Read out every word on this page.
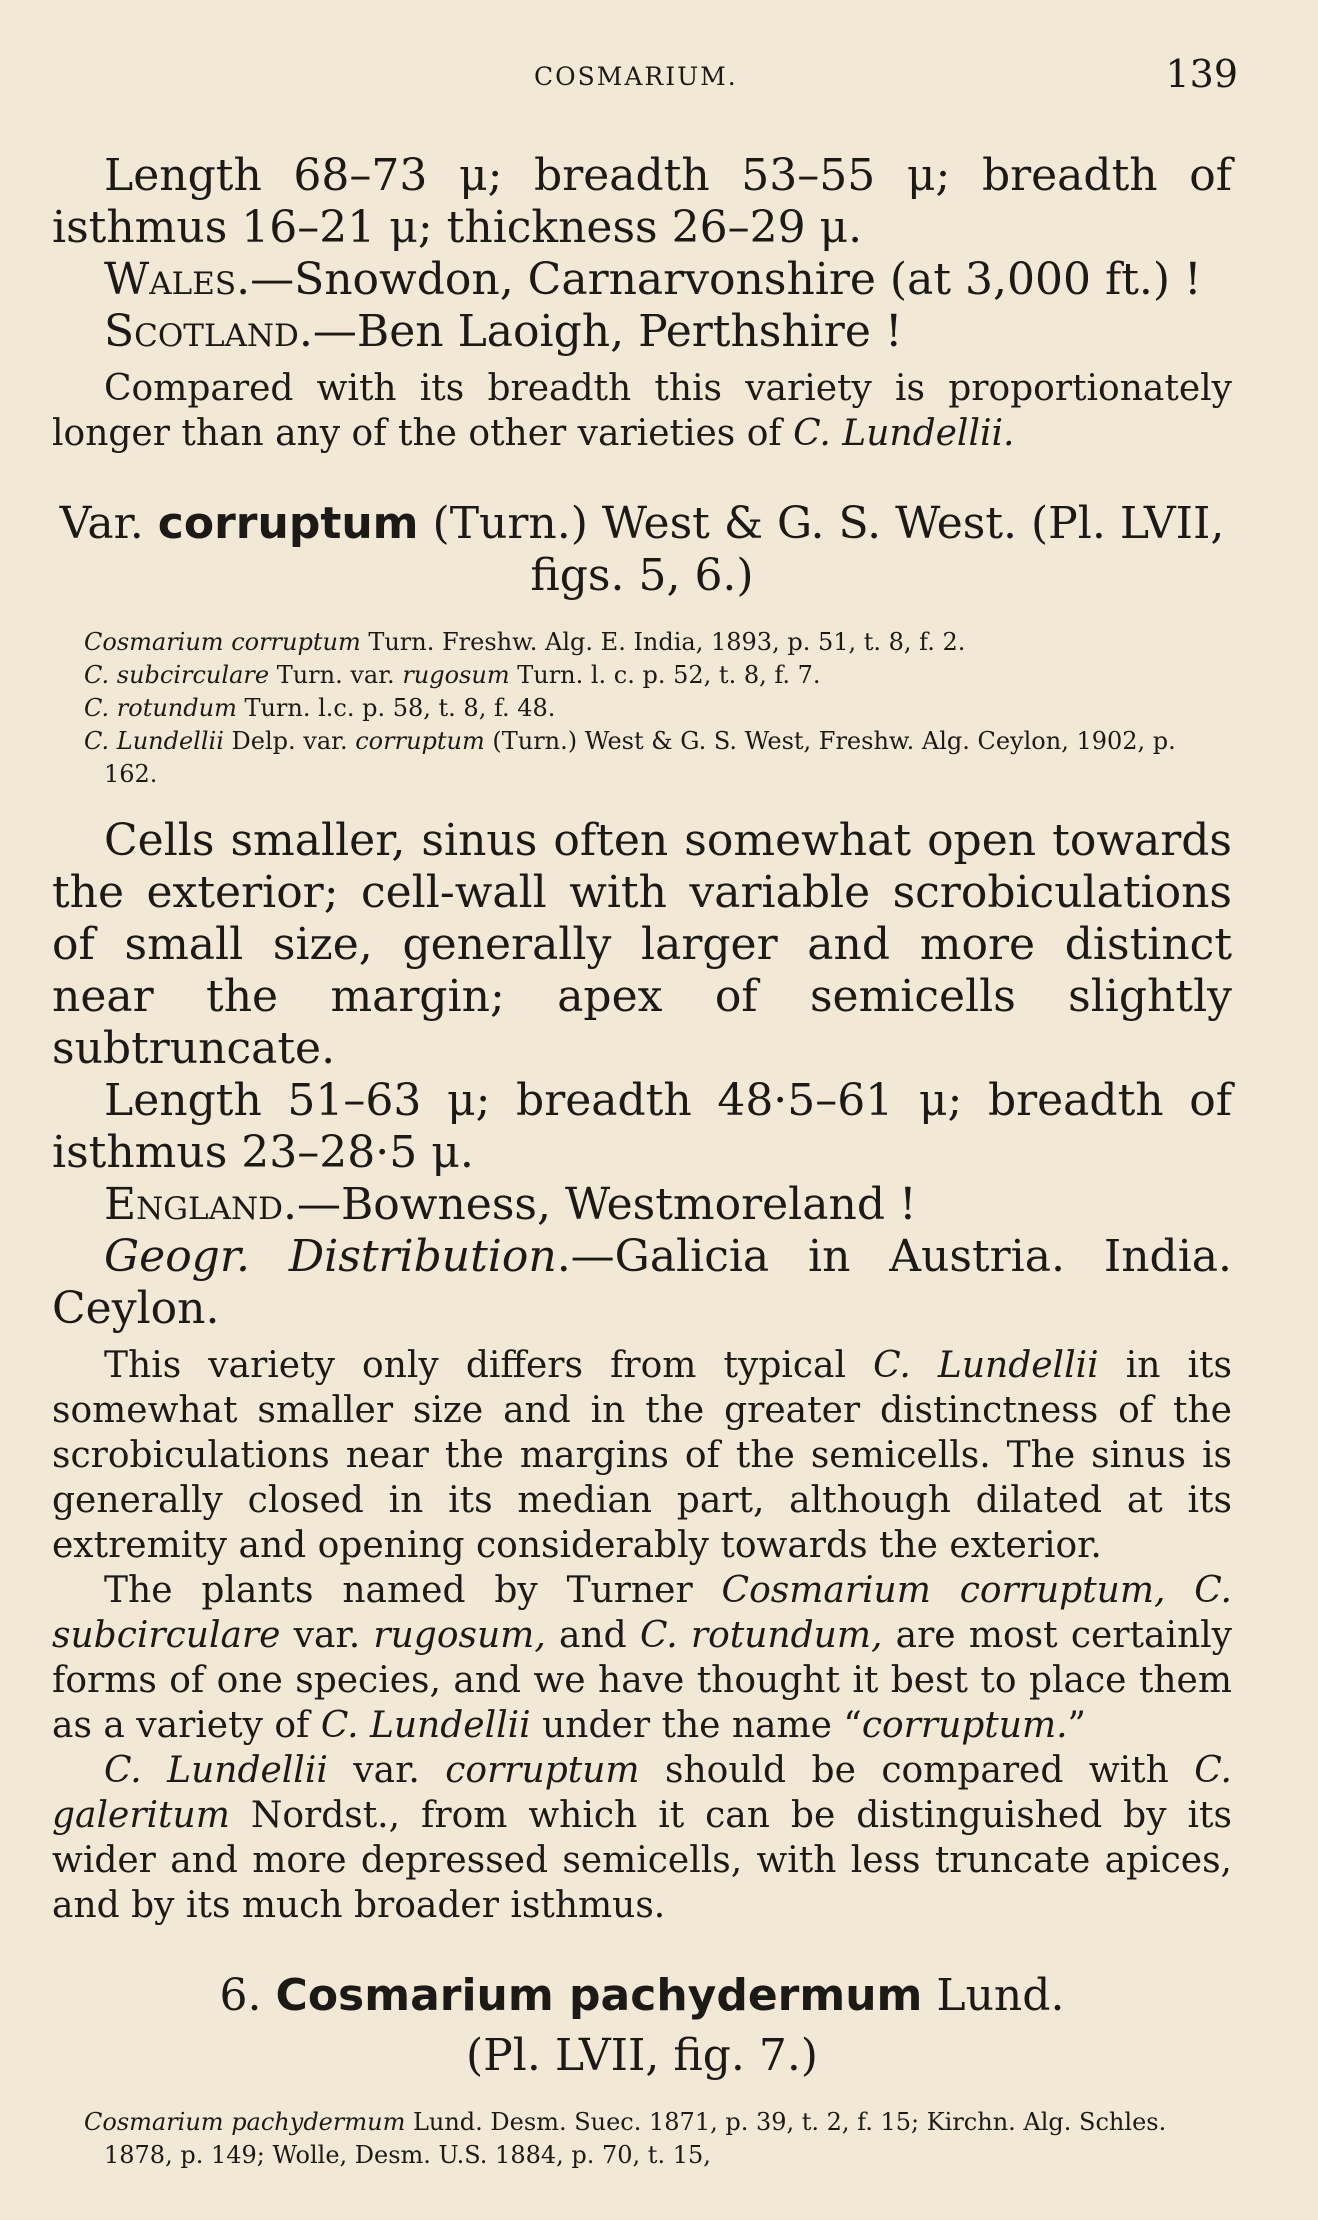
COSMARIUM.	139

Length 68–73 μ; breadth 53–55 μ; breadth of isthmus 16–21 μ; thickness 26–29 μ.

Wales.—Snowdon, Carnarvonshire (at 3,000 ft.) !

Scotland.—Ben Laoigh, Perthshire !

Compared with its breadth this variety is proportionately longer than any of the other varieties of C. Lundellii.

Var. corruptum (Turn.) West & G. S. West. (Pl. LVII, figs. 5, 6.)

Cosmarium corruptum Turn. Freshw. Alg. E. India, 1893, p. 51, t. 8, f. 2.
C. subcirculare Turn. var. rugosum Turn. l. c. p. 52, t. 8, f. 7.
C. rotundum Turn. l.c. p. 58, t. 8, f. 48.
C. Lundellii Delp. var. corruptum (Turn.) West & G. S. West, Freshw. Alg. Ceylon, 1902, p. 162.

Cells smaller, sinus often somewhat open towards the exterior; cell-wall with variable scrobiculations of small size, generally larger and more distinct near the margin; apex of semicells slightly subtruncate.

Length 51–63 μ; breadth 48·5–61 μ; breadth of isthmus 23–28·5 μ.

England.—Bowness, Westmoreland !

Geogr. Distribution.—Galicia in Austria. India. Ceylon.

This variety only differs from typical C. Lundellii in its somewhat smaller size and in the greater distinctness of the scrobiculations near the margins of the semicells. The sinus is generally closed in its median part, although dilated at its extremity and opening considerably towards the exterior.

The plants named by Turner Cosmarium corruptum, C. subcirculare var. rugosum, and C. rotundum, are most certainly forms of one species, and we have thought it best to place them as a variety of C. Lundellii under the name “corruptum.”

C. Lundellii var. corruptum should be compared with C. galeritum Nordst., from which it can be distinguished by its wider and more depressed semicells, with less truncate apices, and by its much broader isthmus.

6. Cosmarium pachydermum Lund.

(Pl. LVII, fig. 7.)

Cosmarium pachydermum Lund. Desm. Suec. 1871, p. 39, t. 2, f. 15; Kirchn. Alg. Schles. 1878, p. 149; Wolle, Desm. U.S. 1884, p. 70, t. 15,
